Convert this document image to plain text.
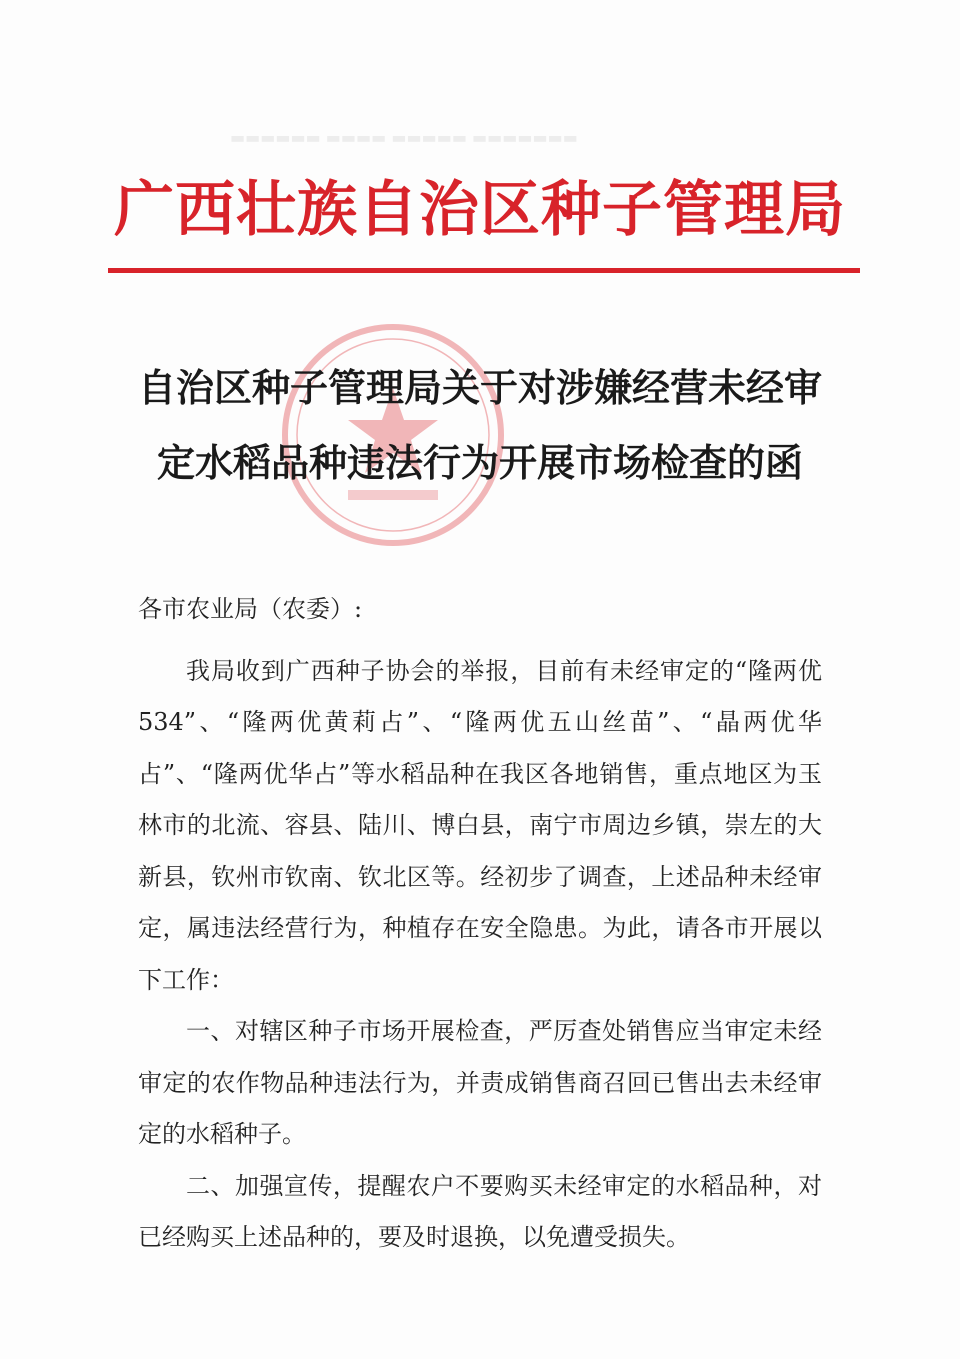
▬▬▬▬▬▬ ▬▬▬▬ ▬▬▬▬▬ ▬▬▬▬▬▬▬
广西壮族自治区种子管理局
自治区种子管理局关于对涉嫌经营未经审
定水稻品种违法行为开展市场检查的函

各市农业局（农委）:

我局收到广西种子协会的举报，目前有未经审定的“隆两优 534”、“隆两优黄莉占”、“隆两优五山丝苗”、“晶两优华占”、“隆两优华占”等水稻品种在我区各地销售，重点地区为玉林市的北流、容县、陆川、博白县，南宁市周边乡镇，崇左的大新县，钦州市钦南、钦北区等。经初步了调查，上述品种未经审定，属违法经营行为，种植存在安全隐患。为此，请各市开展以下工作：

一、对辖区种子市场开展检查，严厉查处销售应当审定未经审定的农作物品种违法行为，并责成销售商召回已售出去未经审定的水稻种子。

二、加强宣传，提醒农户不要购买未经审定的水稻品种，对已经购买上述品种的，要及时退换，以免遭受损失。
